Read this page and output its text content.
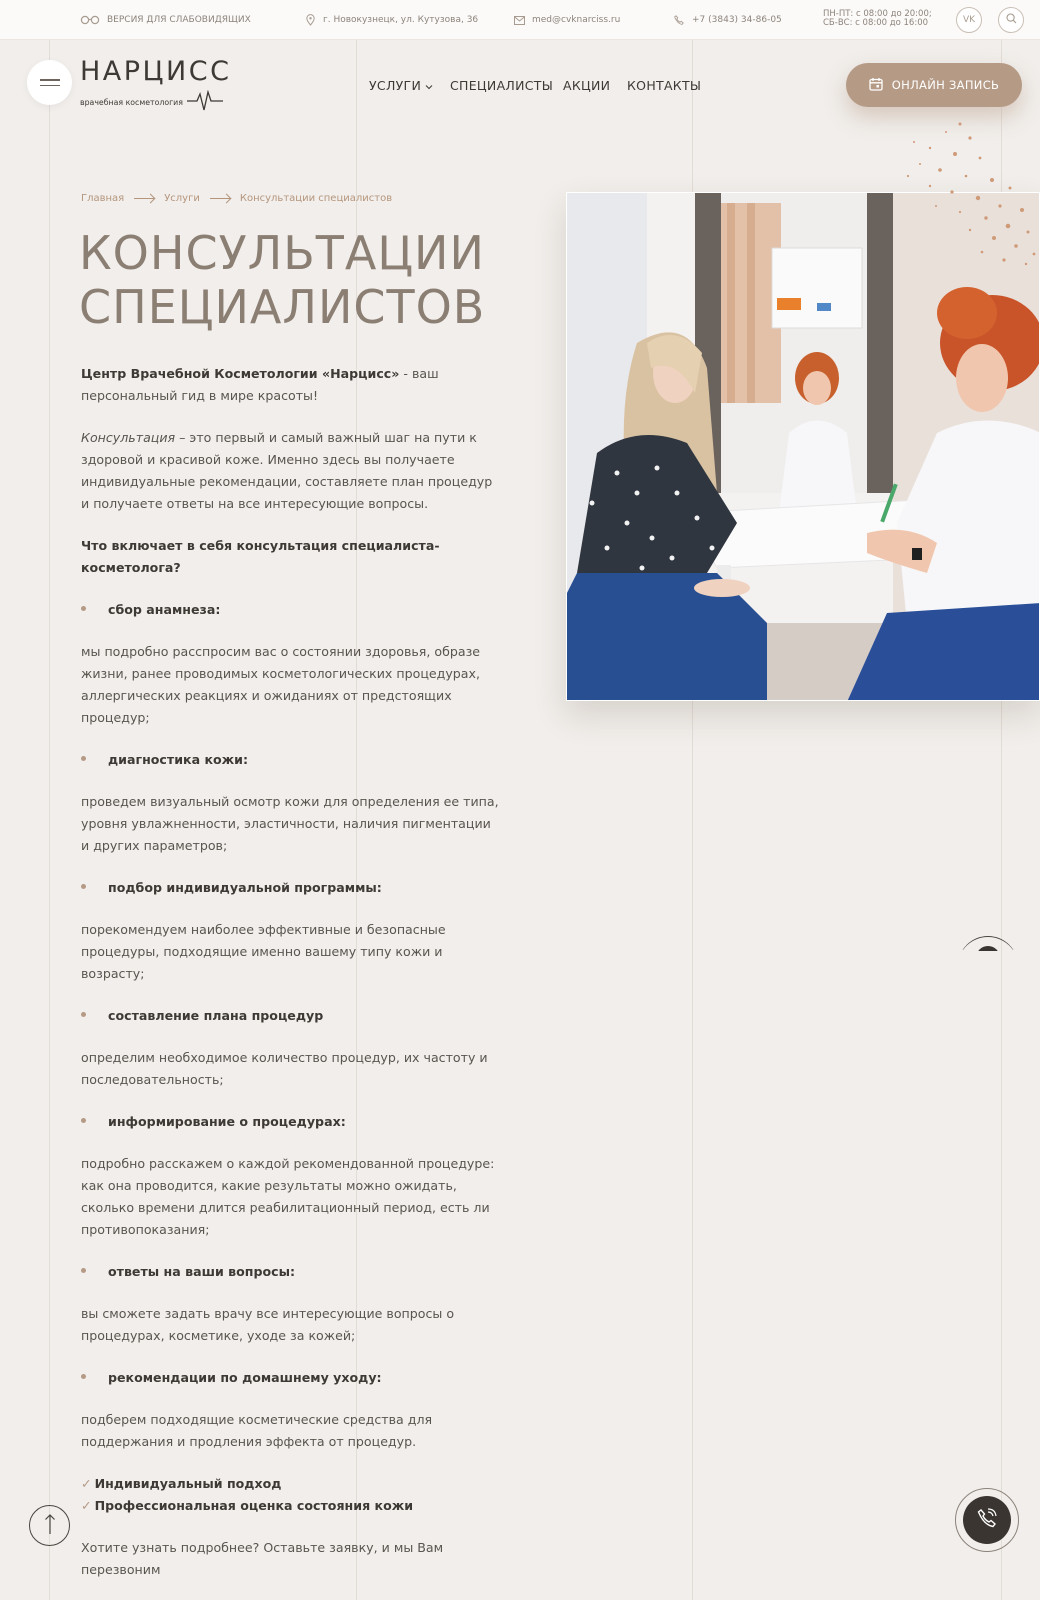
ВЕРСИЯ ДЛЯ СЛАБОВИДЯЩИХ	г. Новокузнецк, ул. Кутузова, 36	med@cvknarciss.ru	+7 (3843) 34-86-05
ПН-ПТ: с 08:00 до 20:00;
СБ-ВС: с 08:00 до 16:00	VK
НАРЦИСС
врачебная косметология
УСЛУГИ СПЕЦИАЛИСТЫ АКЦИИ КОНТАКТЫ	ОНЛАЙН ЗАПИСЬ
Главная	Услуги	Консультации специалистов
КОНСУЛЬТАЦИИ
СПЕЦИАЛИСТОВ

Центр Врачебной Косметологии «Нарцисс» - ваш персональный гид в мире красоты!

Консультация – это первый и самый важный шаг на пути к здоровой и красивой коже. Именно здесь вы получаете индивидуальные рекомендации, составляете план процедур и получаете ответы на все интересующие вопросы.

Что включает в себя консультация специалиста-косметолога?

сбор анамнеза:

мы подробно расспросим вас о состоянии здоровья, образе жизни, ранее проводимых косметологических процедурах, аллергических реакциях и ожиданиях от предстоящих процедур;

диагностика кожи:

проведем визуальный осмотр кожи для определения ее типа, уровня увлажненности, эластичности, наличия пигментации и других параметров;

подбор индивидуальной программы:

порекомендуем наиболее эффективные и безопасные процедуры, подходящие именно вашему типу кожи и возрасту;

составление плана процедур

определим необходимое количество процедур, их частоту и последовательность;

информирование о процедурах:

подробно расскажем о каждой рекомендованной процедуре: как она проводится, какие результаты можно ожидать, сколько времени длится реабилитационный период, есть ли противопоказания;

ответы на ваши вопросы:

вы сможете задать врачу все интересующие вопросы о процедурах, косметике, уходе за кожей;

рекомендации по домашнему уходу:

подберем подходящие косметические средства для поддержания и продления эффекта от процедур.

✓ Индивидуальный подход
✓ Профессиональная оценка состояния кожи

Хотите узнать подробнее? Оставьте заявку, и мы Вам перезвоним
